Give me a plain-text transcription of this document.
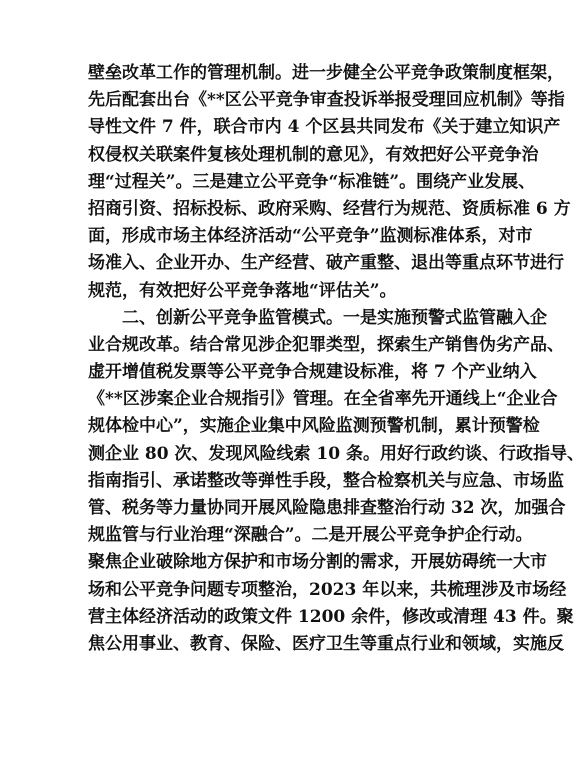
壁垒改革工作的管理机制。进一步健全公平竞争政策制度框架，
先后配套出台《**区公平竞争审查投诉举报受理回应机制》等指
导性文件 7 件，联合市内 4 个区县共同发布《关于建立知识产
权侵权关联案件复核处理机制的意见》，有效把好公平竞争治
理“过程关”。三是建立公平竞争“标准链”。围绕产业发展、
招商引资、招标投标、政府采购、经营行为规范、资质标准 6 方
面，形成市场主体经济活动“公平竞争”监测标准体系，对市
场准入、企业开办、生产经营、破产重整、退出等重点环节进行
规范，有效把好公平竞争落地“评估关”。

二、创新公平竞争监管模式。一是实施预警式监管融入企
业合规改革。结合常见涉企犯罪类型，探索生产销售伪劣产品、
虚开增值税发票等公平竞争合规建设标准，将 7 个产业纳入
《**区涉案企业合规指引》管理。在全省率先开通线上“企业合
规体检中心”，实施企业集中风险监测预警机制，累计预警检
测企业 80 次、发现风险线索 10 条。用好行政约谈、行政指导、
指南指引、承诺整改等弹性手段，整合检察机关与应急、市场监
管、税务等力量协同开展风险隐患排查整治行动 32 次，加强合
规监管与行业治理“深融合”。二是开展公平竞争护企行动。
聚焦企业破除地方保护和市场分割的需求，开展妨碍统一大市
场和公平竞争问题专项整治，2023 年以来，共梳理涉及市场经
营主体经济活动的政策文件 1200 余件，修改或清理 43 件。聚
焦公用事业、教育、保险、医疗卫生等重点行业和领域，实施反
